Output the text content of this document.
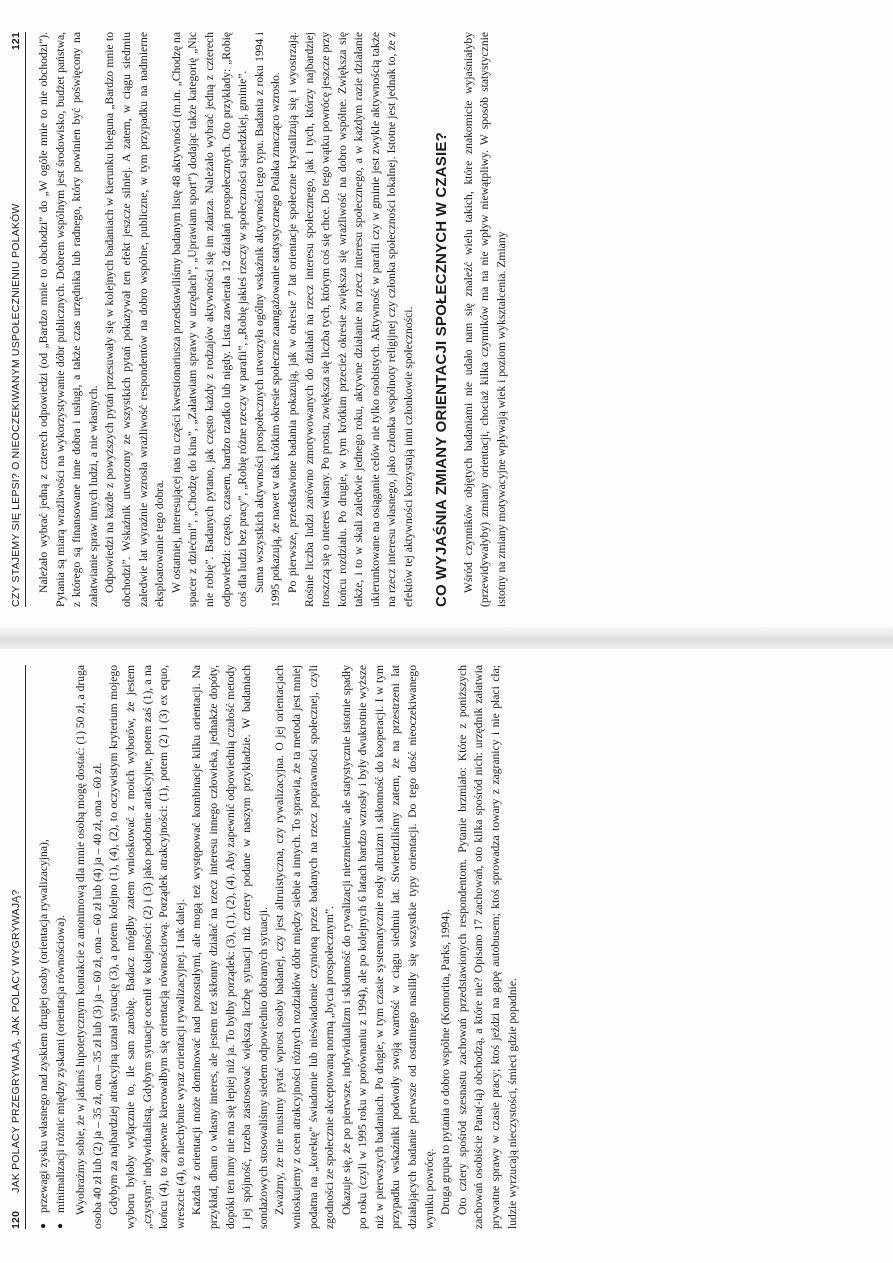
120
JAK POLACY PRZEGRYWAJĄ, JAK POLACY WYGRYWAJĄ? ● przewagi zysku własnego nad zyskiem drugiej osoby (orientacja rywalizacyjna), ● minimalizacji różnic między zyskami (orientacja równościowa). Wyobraźmy sobie, że w jakimś hipotetycznym kontakcie z anonimową dla mnie osobą mogę dostać: (1) 50 zł, a druga osoba 40 zł lub (2) ja – 35 zł, ona – 35 zł lub (3) ja – 60 zł, ona – 60 zł lub (4) ja – 40 zł, ona – 60 zł. Gdybym za najbardziej atrakcyjną uznał sytuację (3), a potem kolejno (1), (4), (2), to oczywistym kryterium mojego wyboru byłoby wyłącznie to, ile sam zarobię. Badacz mógłby zatem wnioskować z moich wyborów, że jestem „czystym” indywidualistą. Gdybym sytuacje ocenił w kolejności: (2) i (3) jako podobnie atrakcyjne, potem zaś (1), a na końcu (4), to zapewne kierowałbym się orientacją równościową. Porządek atrakcyjności: (1), potem (2) i (3) ex equo, wreszcie (4), to niechybnie wyraz orientacji rywalizacyjnej. I tak dalej. Każda z orientacji może dominować nad pozostałymi, ale mogą też występować kombinacje kilku orientacji. Na przykład, dbam o własny interes, ale jestem też skłonny działać na rzecz interesu innego człowieka, jednakże dopóty, dopóki ten inny nie ma się lepiej niż ja. To byłby porządek: (3), (1), (2), (4). Aby zapewnić odpowiednią czułość metody i jej spójność, trzeba zastosować większą liczbę sytuacji niż cztery podane w naszym przykładzie. W badaniach sondażowych stosowaliśmy siedem odpowiednio dobranych sytuacji. Zważmy, że nie musimy pytać wprost osoby badanej, czy jest altruistyczna, czy rywalizacyjna. O jej orientacjach wnioskujemy z ocen atrakcyjności różnych rozdziałów dóbr między siebie a innych. To sprawia, że ta metoda jest mniej podatna na „korektę” świadomie lub nieświadomie czynioną przez badanych na rzecz poprawności społecznej, czyli zgodności ze społecznie akceptowaną normą „bycia prospołecznym”. Okazuje się, że po pierwsze, indywidualizm i skłonność do rywalizacji niezmiennie, ale statystycznie istotnie spadły po roku (czyli w 1995 roku w porównaniu z 1994), ale po kolejnych 6 latach bardzo wzrosły i były dwukrotnie wyższe niż w pierwszych badaniach. Po drugie, w tym czasie systematycznie rosły altruizm i skłonność do kooperacji. I w tym przypadku wskaźniki podwoiły swoją wartość w ciągu siedmiu lat. Stwierdziliśmy zatem, że na przestrzeni lat działających badanie pierwsze od ostatniego nasiliły się wszystkie typy orientacji. Do tego dość nieoczekiwanego wyniku powrócę. Druga grupa to pytania o dobro wspólne (Komorita, Parks, 1994). Oto cztery spośród szesnastu zachowań przedstawionych respondentom. Pytanie brzmiało: Które z poniższych zachowań osobiście Pana(-ią) obchodzą, a które nie? Opisano 17 zachowań, oto kilka spośród nich: urzędnik załatwia prywatne sprawy w czasie pracy; ktoś jeździ na gapę autobusem; ktoś sprowadza towary z zagranicy i nie płaci cła; ludzie wyrzucają nieczystości, śmieci gdzie popadnie.

CZY STAJEMY SIĘ LEPSI? O NIEOCZEKIWANYM USPOŁECZNIENIU POLAKÓW
121 Należało wybrać jedną z czterech odpowiedzi (od „Bardzo mnie to obchodzi” do „W ogóle mnie to nie obchodzi”). Pytania są miarą wrażliwości na wykorzystywanie dóbr publicznych. Dobrem wspólnym jest środowisko, budżet państwa, z którego są finansowane inne dobra i usługi, a także czas urzędnika lub radnego, który powinien być poświęcony na załatwianie spraw innych ludzi, a nie własnych. Odpowiedzi na każde z powyższych pytań przesuwały się w kolejnych badaniach w kierunku bieguna „Bardzo mnie to obchodzi”. Wskaźnik utworzony ze wszystkich pytań pokazywał ten efekt jeszcze silniej. A zatem, w ciągu siedmiu zaledwie lat wyraźnie wzrosła wrażliwość respondentów na dobro wspólne, publiczne, w tym przypadku na nadmierne eksploatowanie tego dobra. W ostatniej, interesującej nas tu części kwestionariusza przedstawiliśmy badanym listę 48 aktywności (m.in. „Chodzę na spacer z dziećmi”, „Chodzę do kina”, „Załatwiam sprawy w urzędach”, „Uprawiam sport”) dodając także kategorię „Nic nie robię”. Badanych pytano, jak często każdy z rodzajów aktywności się im zdarza. Należało wybrać jedną z czterech odpowiedzi: często, czasem, bardzo rzadko lub nigdy. Lista zawierała 12 działań prospołecznych. Oto przykłady: „Robię coś dla ludzi bez pracy”, „Robię różne rzeczy w parafii”, „Robię jakieś rzeczy w społeczności sąsiedzkiej, gminie”. Suma wszystkich aktywności prospołecznych utworzyła ogólny wskaźnik aktywności tego typu. Badania z roku 1994 i 1995 pokazują, że nawet w tak krótkim okresie społeczne zaangażowanie statystycznego Polaka znacząco wzrosło. Po pierwsze, przedstawione badania pokazują, jak w okresie 7 lat orientacje społeczne krystalizują się i wyostrzają. Rośnie liczba ludzi zarówno zmotywowanych do działań na rzecz interesu społecznego, jak i tych, którzy najbardziej troszczą się o interes własny. Po prostu, zwiększa się liczba tych, którym coś się chce. Do tego wątku powrócę jeszcze przy końcu rozdziału. Po drugie, w tym krótkim przecież okresie zwiększa się wrażliwość na dobro wspólne. Zwiększa się także, i to w skali zaledwie jednego roku, aktywne działanie na rzecz interesu społecznego, a w każdym razie działanie ukierunkowane na osiąganie celów nie tylko osobistych. Aktywność w parafii czy w gminie jest zwykle aktywnością także na rzecz interesu własnego, jako członka wspólnoty religijnej czy członka społeczności lokalnej. Istotne jest jednak to, że z efektów tej aktywności korzystają inni członkowie społeczności. CO WYJAŚNIA ZMIANY ORIENTACJI SPOŁECZNYCH W CZASIE? Wśród czynników objętych badaniami nie udało nam się znaleźć wielu takich, które znakomicie wyjaśniałyby (przewidywałyby) zmiany orientacji, chociaż kilka czynników ma na nie wpływ niewątpliwy. W sposób statystycznie istotny na zmiany motywacyjne wpływają wiek i poziom wykształcenia. Zmiany
